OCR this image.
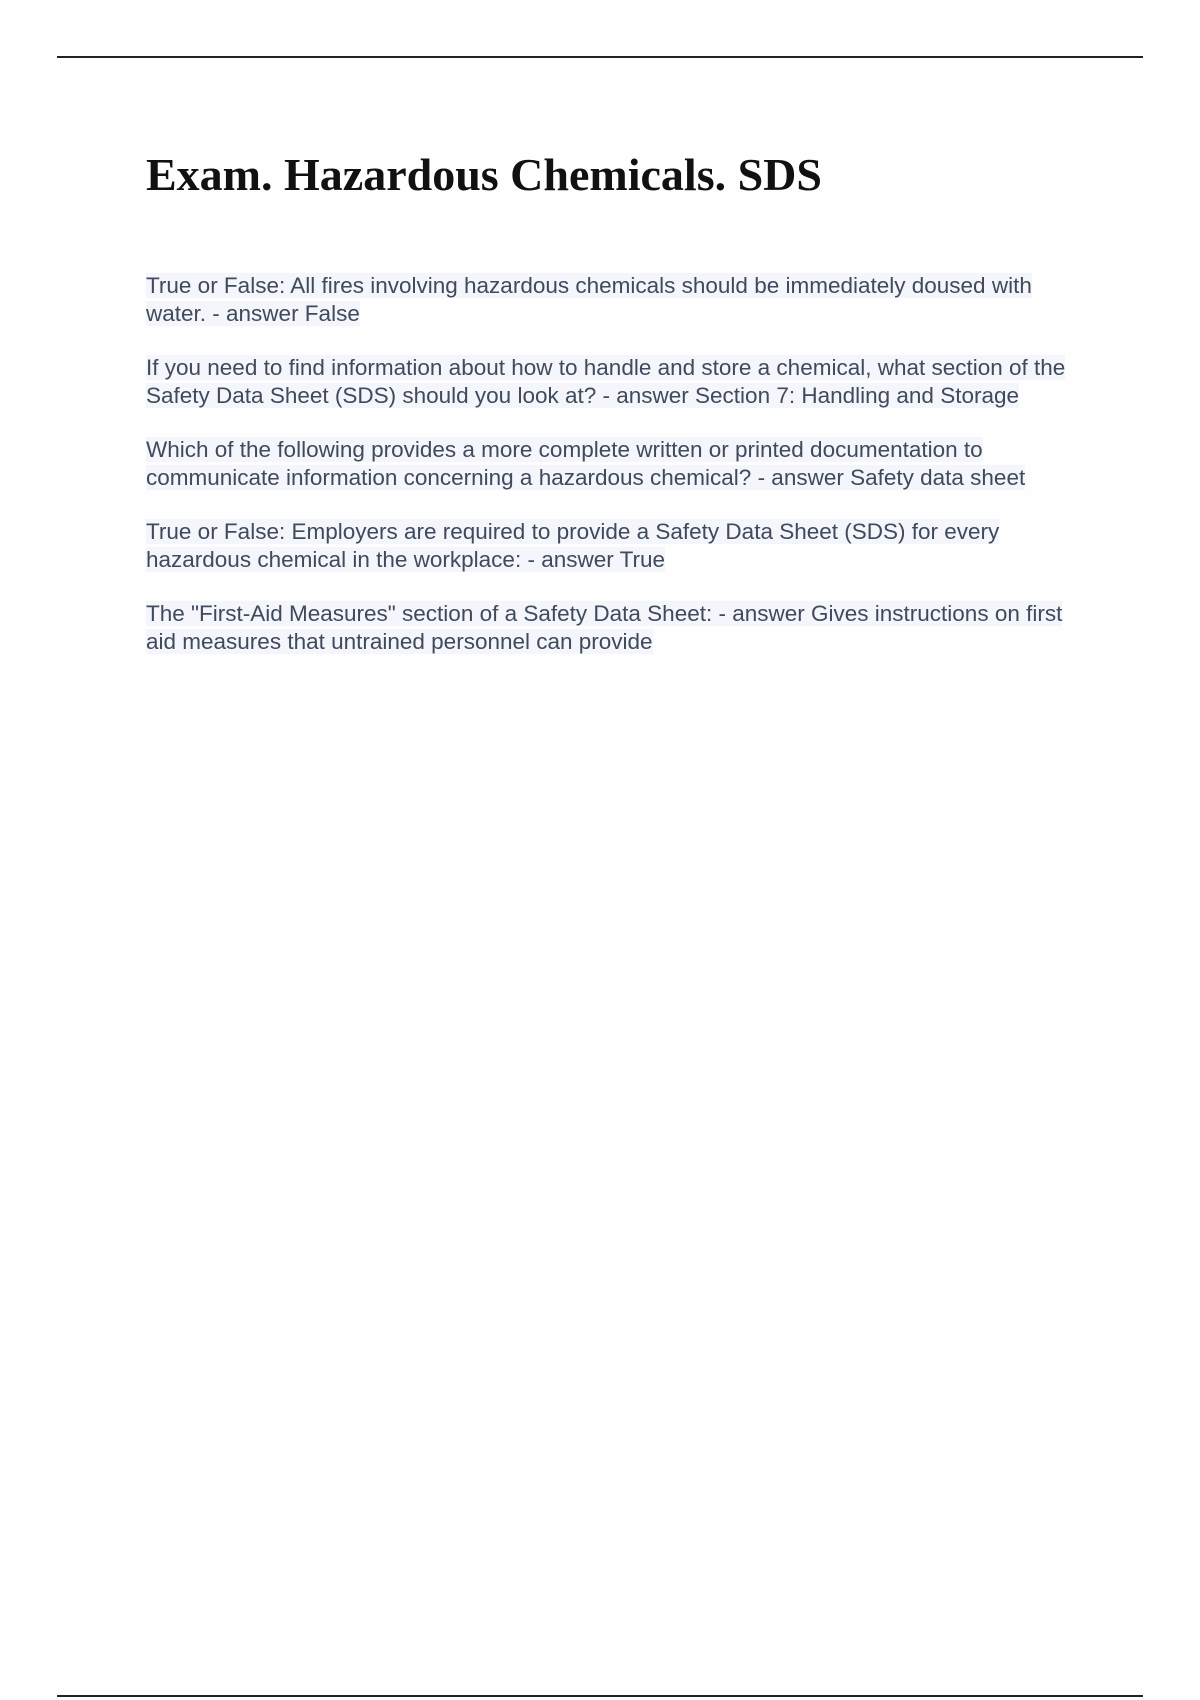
Exam. Hazardous Chemicals. SDS

True or False: All fires involving hazardous chemicals should be immediately doused with water. - answer False

If you need to find information about how to handle and store a chemical, what section of the Safety Data Sheet (SDS) should you look at? - answer Section 7: Handling and Storage

Which of the following provides a more complete written or printed documentation to communicate information concerning a hazardous chemical? - answer Safety data sheet

True or False: Employers are required to provide a Safety Data Sheet (SDS) for every hazardous chemical in the workplace: - answer True

The "First-Aid Measures" section of a Safety Data Sheet: - answer Gives instructions on first aid measures that untrained personnel can provide
